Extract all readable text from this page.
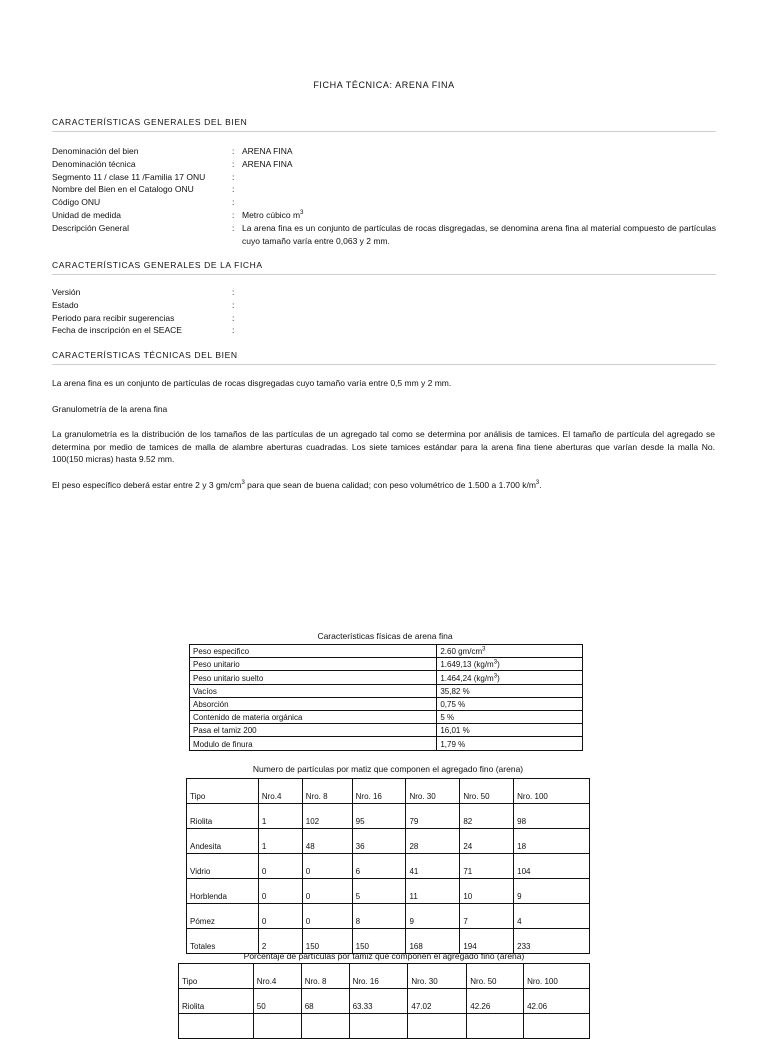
FICHA TÉCNICA: ARENA FINA
CARACTERÍSTICAS GENERALES DEL BIEN
Denominación del bien	: ARENA FINA
Denominación técnica	: ARENA FINA
Segmento 11 / clase 11 /Familia 17 ONU	:
Nombre del Bien en el Catalogo ONU	:
Código ONU	:
Unidad de medida	: Metro cúbico $m^3$
Descripción General	: La arena fina es un conjunto de partículas de rocas disgregadas, se denomina arena fina al material compuesto de partículas cuyo tamaño varía entre 0,063 y 2 mm.
CARACTERÍSTICAS GENERALES DE LA FICHA
Versión	:
Estado	:
Periodo para recibir sugerencias	:
Fecha de inscripción en el SEACE	:
CARACTERÍSTICAS TÉCNICAS DEL BIEN
La arena fina es un conjunto de partículas de rocas disgregadas cuyo tamaño varía entre 0,5 mm y 2 mm.
Granulometría de la arena fina
La granulometría es la distribución de los tamaños de las partículas de un agregado tal como se determina por análisis de tamices. El tamaño de partícula del agregado se determina por medio de tamices de malla de alambre aberturas cuadradas. Los siete tamices estándar para la arena fina tiene aberturas que varían desde la malla No. 100(150 micras) hasta 9.52 mm.
El peso específico deberá estar entre 2 y 3 $gm/cm^3$ para que sean de buena calidad; con peso volumétrico de 1.500 a 1.700 $k/m^3$.
Características físicas de arena fina
Peso especifico	2.60 $gm/cm^3$
Peso unitario	1.649,13 $(kg/m^3)$
Peso unitario suelto	1.464,24 $(kg/m^3)$
Vacíos	35,82 %
Absorción	0,75 %
Contenido de materia orgánica	5 %
Pasa el tamiz 200	16,01 %
Modulo de finura	1,79 %
Numero de partículas por matiz que componen el agregado fino (arena)
Tipo	Nro.4	Nro. 8	Nro. 16	Nro. 30	Nro. 50	Nro. 100
Riolita	1	102	95	79	82	98
Andesita	1	48	36	28	24	18
Vidrio	0	0	6	41	71	104
Horblenda	0	0	5	11	10	9
Pómez	0	0	8	9	7	4
Totales	2	150	150	168	194	233
Porcentaje de partículas por tamiz que componen el agregado fino (arena)
Tipo	Nro.4	Nro. 8	Nro. 16	Nro. 30	Nro. 50	Nro. 100
Riolita	50	68	63.33	47.02	42.26	42.06
